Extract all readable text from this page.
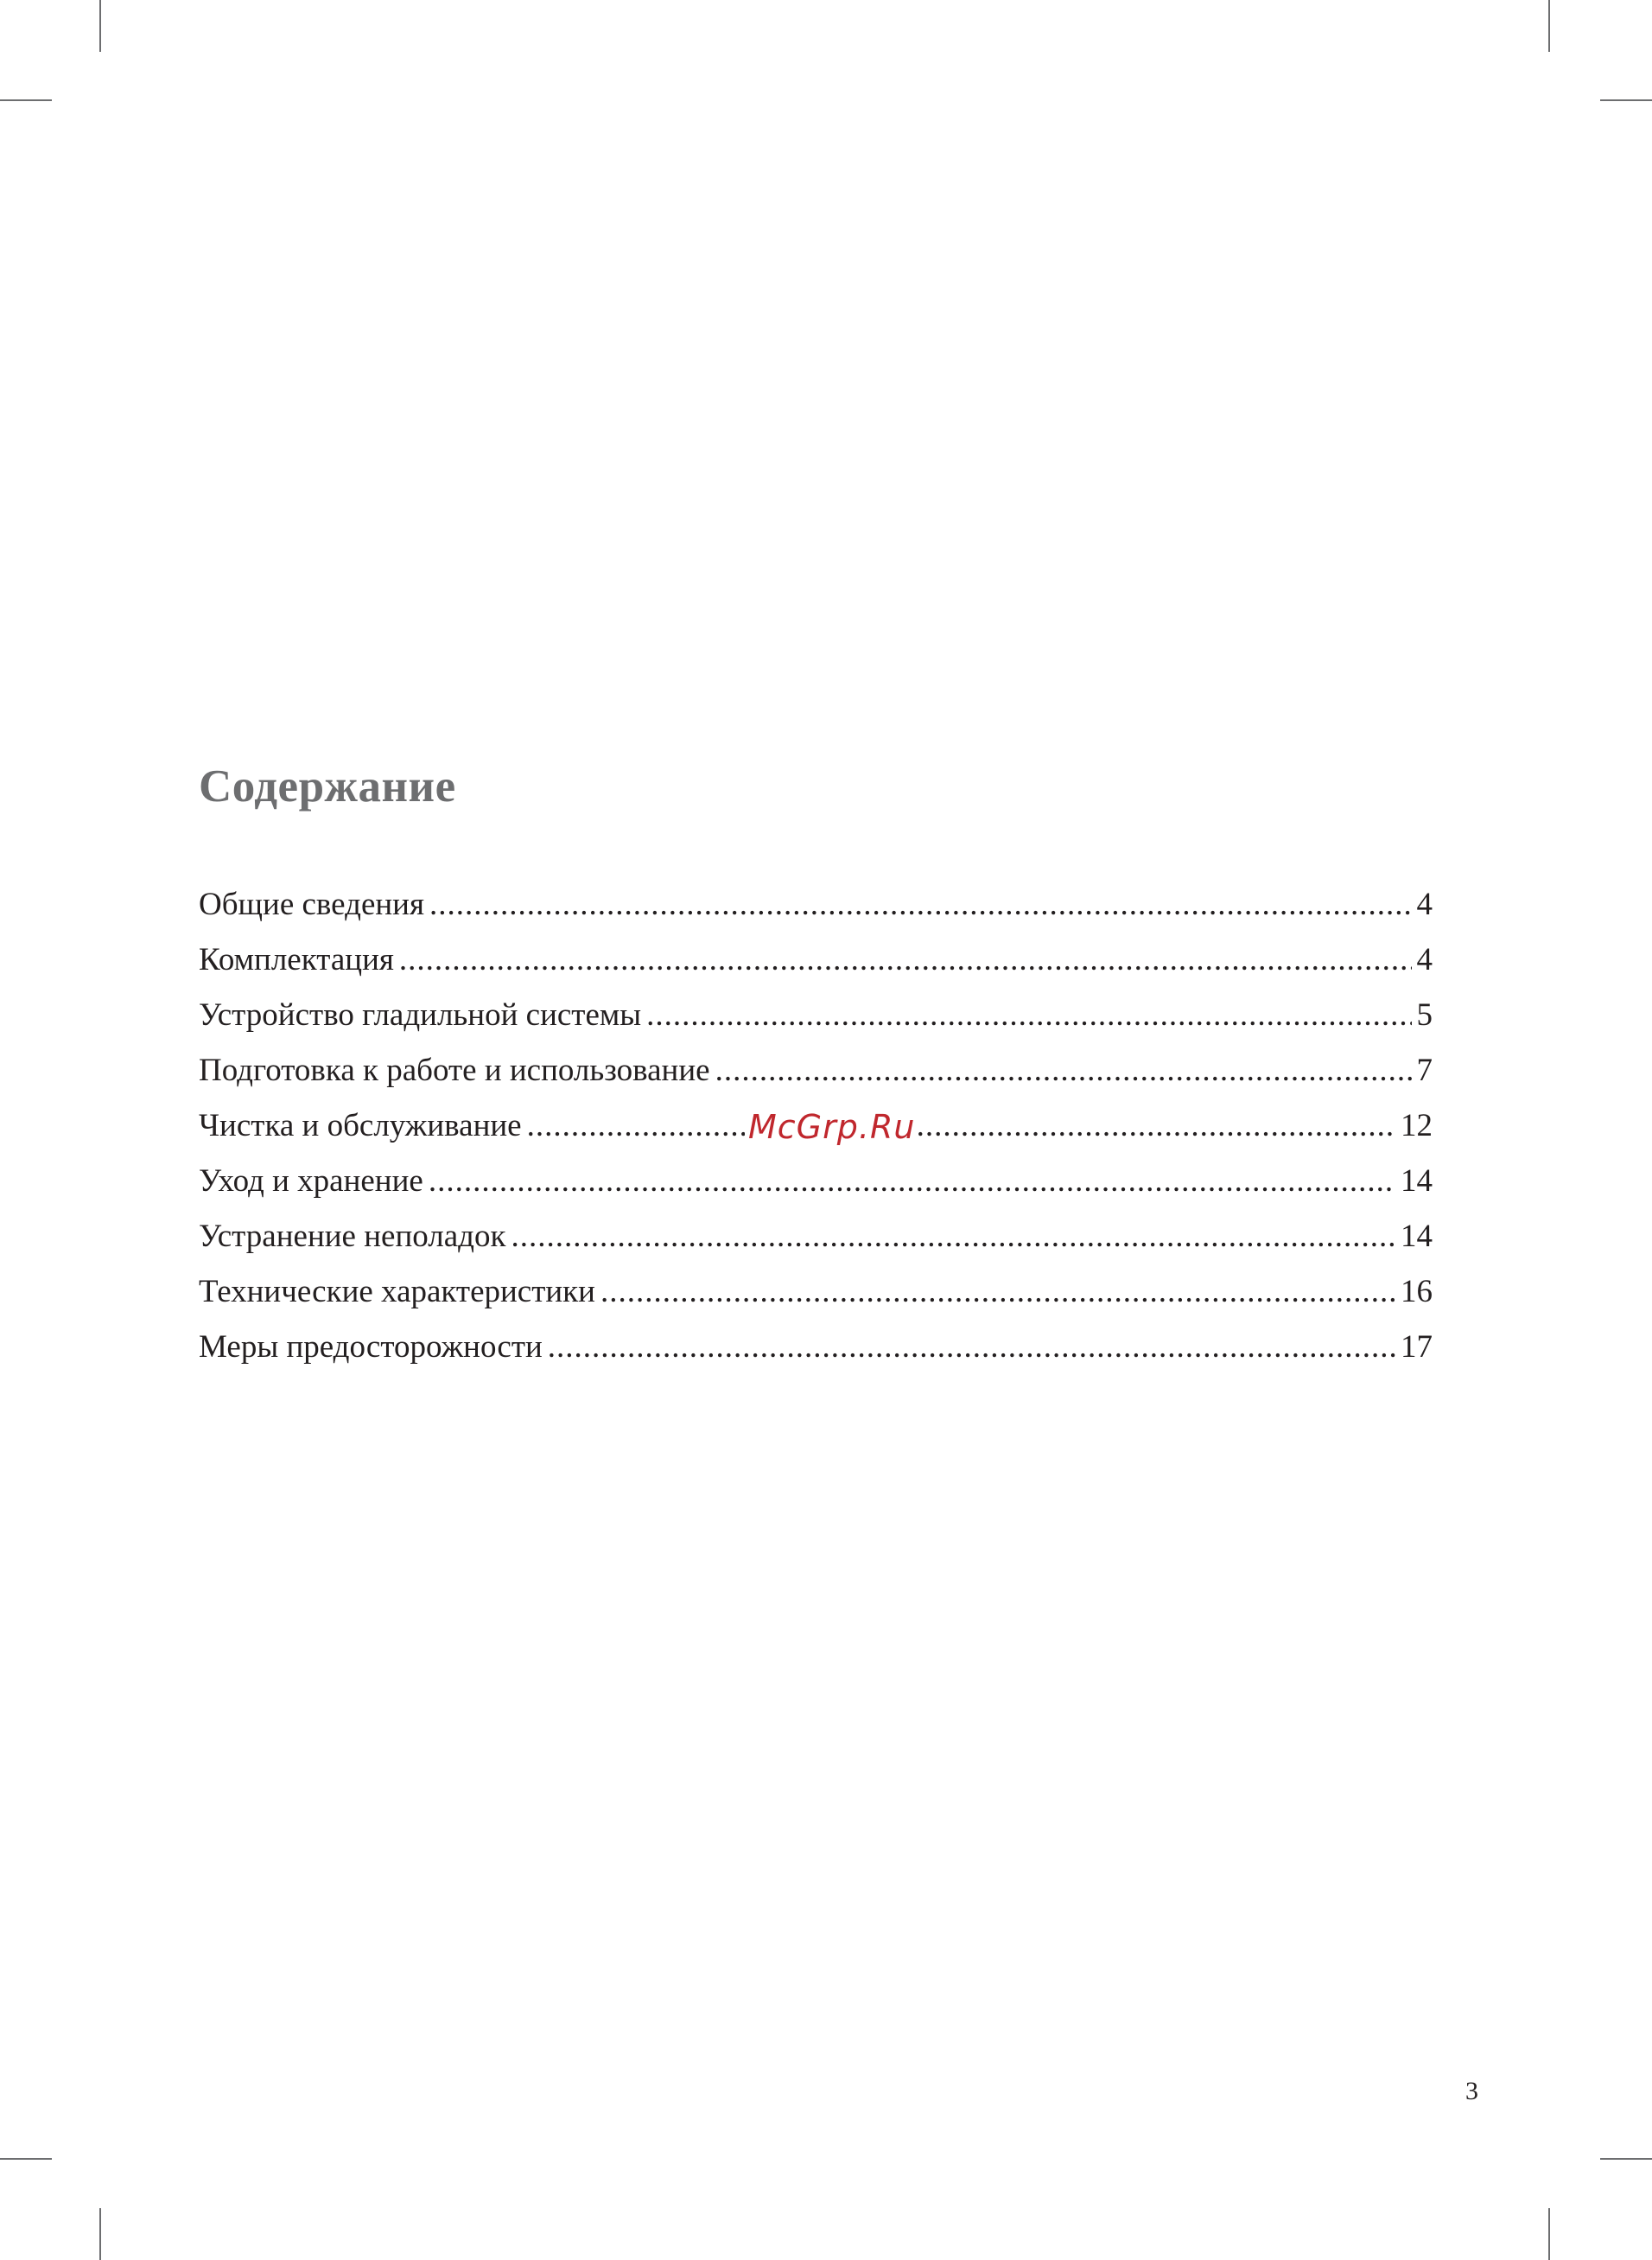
Содержание
Общие сведения .....	4
Комплектация .....	4
Устройство гладильной системы .....	5
Подготовка к работе и использование .....	7
Чистка и обслуживание .....	12
Уход и хранение .....	14
Устранение неполадок .....	14
Технические характеристики .....	16
Меры предосторожности .....	17
McGrp.Ru
3
